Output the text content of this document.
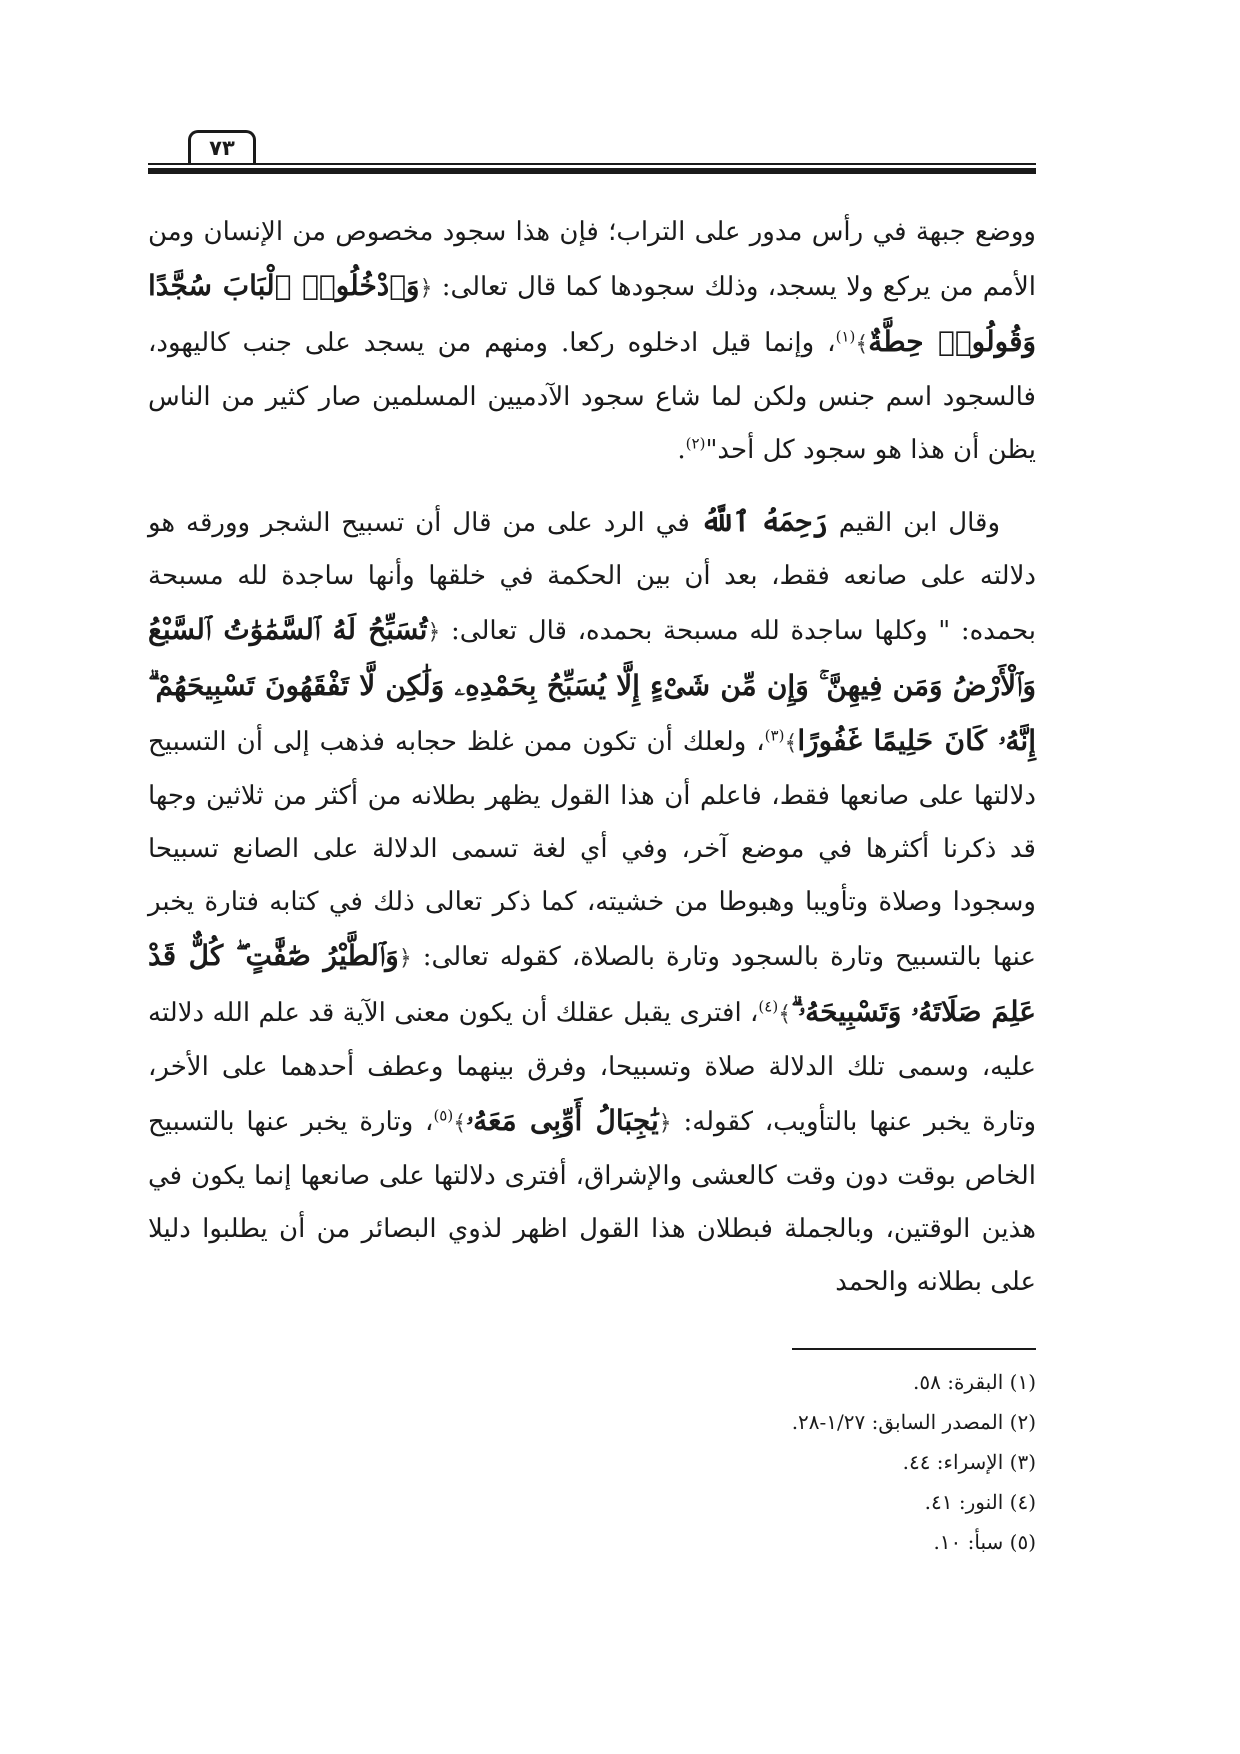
٧٣

ووضع جبهة في رأس مدور على التراب؛ فإن هذا سجود مخصوص من الإنسان ومن الأمم من يركع ولا يسجد، وذلك سجودها كما قال تعالى: ﴿وَٱدْخُلُوا۟ ٱلْبَابَ سُجَّدًا وَقُولُوا۟ حِطَّةٌ﴾$^{(١)}$، وإنما قيل ادخلوه ركعا. ومنهم من يسجد على جنب كاليهود، فالسجود اسم جنس ولكن لما شاع سجود الآدميين المسلمين صار كثير من الناس يظن أن هذا هو سجود كل أحد"$^{(٢)}$.

وقال ابن القيم رَحِمَهُ ٱللَّهُ في الرد على من قال أن تسبيح الشجر وورقه هو دلالته على صانعه فقط، بعد أن بين الحكمة في خلقها وأنها ساجدة لله مسبحة بحمده: " وكلها ساجدة لله مسبحة بحمده، قال تعالى: ﴿تُسَبِّحُ لَهُ ٱلسَّمَٰوَٰتُ ٱلسَّبْعُ وَٱلْأَرْضُ وَمَن فِيهِنَّ ۚ وَإِن مِّن شَىْءٍ إِلَّا يُسَبِّحُ بِحَمْدِهِۦ وَلَٰكِن لَّا تَفْقَهُونَ تَسْبِيحَهُمْ ۗ إِنَّهُۥ كَانَ حَلِيمًا غَفُورًا﴾$^{(٣)}$، ولعلك أن تكون ممن غلظ حجابه فذهب إلى أن التسبيح دلالتها على صانعها فقط، فاعلم أن هذا القول يظهر بطلانه من أكثر من ثلاثين وجها قد ذكرنا أكثرها في موضع آخر، وفي أي لغة تسمى الدلالة على الصانع تسبيحا وسجودا وصلاة وتأويبا وهبوطا من خشيته، كما ذكر تعالى ذلك في كتابه فتارة يخبر عنها بالتسبيح وتارة بالسجود وتارة بالصلاة، كقوله تعالى: ﴿وَٱلطَّيْرُ صَٰٓفَّٰتٍ ۖ كُلٌّ قَدْ عَلِمَ صَلَاتَهُۥ وَتَسْبِيحَهُۥ ۗ﴾$^{(٤)}$، افترى يقبل عقلك أن يكون معنى الآية قد علم الله دلالته عليه، وسمى تلك الدلالة صلاة وتسبيحا، وفرق بينهما وعطف أحدهما على الأخر، وتارة يخبر عنها بالتأويب، كقوله: ﴿يَٰجِبَالُ أَوِّبِى مَعَهُۥ﴾$^{(٥)}$، وتارة يخبر عنها بالتسبيح الخاص بوقت دون وقت كالعشى والإشراق، أفترى دلالتها على صانعها إنما يكون في هذين الوقتين، وبالجملة فبطلان هذا القول اظهر لذوي البصائر من أن يطلبوا دليلا على بطلانه والحمد

(١) البقرة: ٥٨.
(٢) المصدر السابق: ١/٢٧-٢٨.
(٣) الإسراء: ٤٤.
(٤) النور: ٤١.
(٥) سبأ: ١٠.
